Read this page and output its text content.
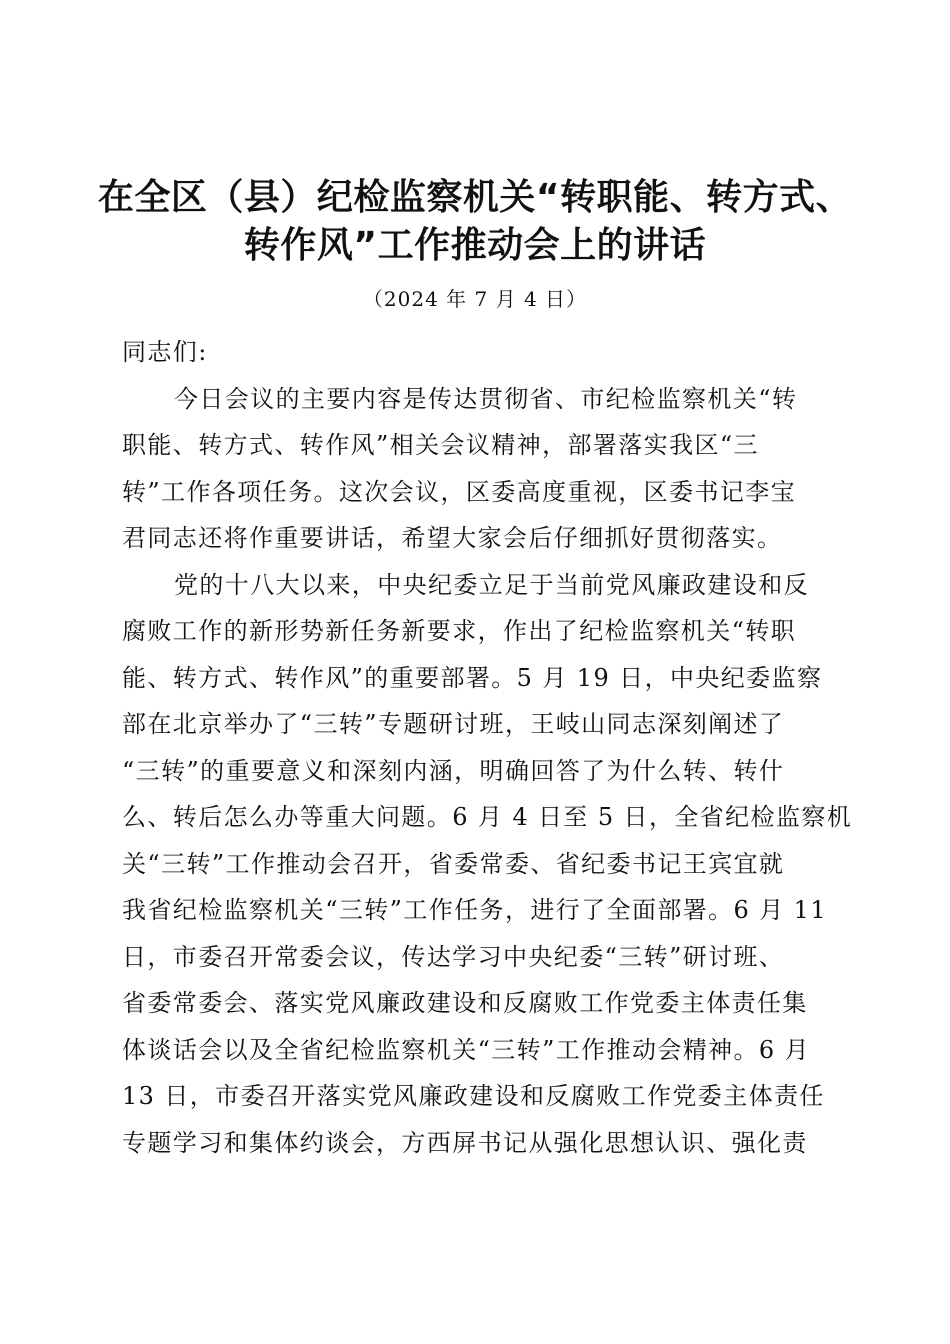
在全区（县）纪检监察机关“转职能、转方式、
转作风”工作推动会上的讲话
（2024 年 7 月 4 日）

同志们:

今日会议的主要内容是传达贯彻省、市纪检监察机关“转
职能、转方式、转作风”相关会议精神，部署落实我区“三
转”工作各项任务。这次会议，区委高度重视，区委书记李宝
君同志还将作重要讲话，希望大家会后仔细抓好贯彻落实。

党的十八大以来，中央纪委立足于当前党风廉政建设和反
腐败工作的新形势新任务新要求，作出了纪检监察机关“转职
能、转方式、转作风”的重要部署。5 月 19 日，中央纪委监察
部在北京举办了“三转”专题研讨班，王岐山同志深刻阐述了
“三转”的重要意义和深刻内涵，明确回答了为什么转、转什
么、转后怎么办等重大问题。6 月 4 日至 5 日，全省纪检监察机
关“三转”工作推动会召开，省委常委、省纪委书记王宾宜就
我省纪检监察机关“三转”工作任务，进行了全面部署。6 月 11
日，市委召开常委会议，传达学习中央纪委“三转”研讨班、
省委常委会、落实党风廉政建设和反腐败工作党委主体责任集
体谈话会以及全省纪检监察机关“三转”工作推动会精神。6 月
13 日，市委召开落实党风廉政建设和反腐败工作党委主体责任
专题学习和集体约谈会，方西屏书记从强化思想认识、强化责
